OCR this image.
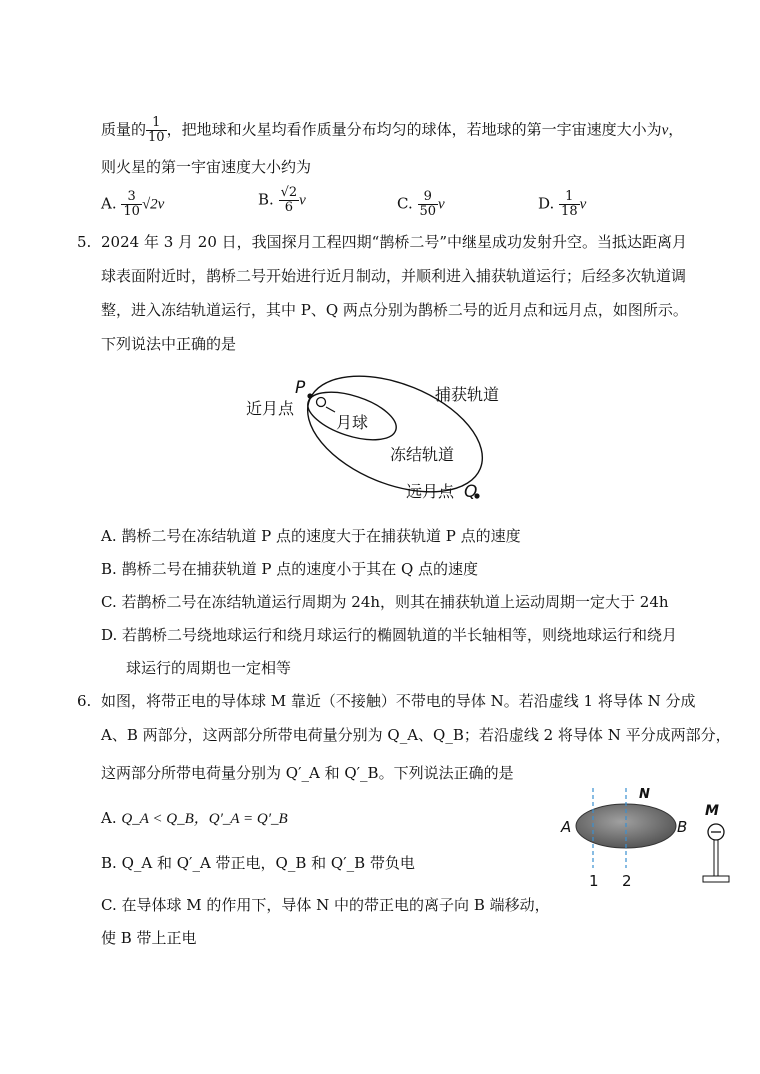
质量的 $\frac{1}{10}$ ，把地球和火星均看作质量分布均匀的球体，若地球的第一宇宙速度大小为v，
则火星的第一宇宙速度大小约为
A. $\frac{3}{10} √2v$	B. $\frac{√2}{6}$ v	C. $\frac{9}{50}$ v	D. $\frac{1}{18}$ v
5. 2024 年 3 月 20 日，我国探月工程四期“鹊桥二号”中继星成功发射升空。当抵达距离月
球表面附近时，鹊桥二号开始进行近月制动，并顺利进入捕获轨道运行；后经多次轨道调
整，进入冻结轨道运行，其中 P、Q 两点分别为鹊桥二号的近月点和远月点，如图所示。
下列说法中正确的是
P
近月点
月球
捕获轨道
冻结轨道
远月点 Q
A. 鹊桥二号在冻结轨道 P 点的速度大于在捕获轨道 P 点的速度
B. 鹊桥二号在捕获轨道 P 点的速度小于其在 Q 点的速度
C. 若鹊桥二号在冻结轨道运行周期为 24h，则其在捕获轨道上运动周期一定大于 24h
D. 若鹊桥二号绕地球运行和绕月球运行的椭圆轨道的半长轴相等，则绕地球运行和绕月
球运行的周期也一定相等
6. 如图，将带正电的导体球 M 靠近（不接触）不带电的导体 N。若沿虚线 1 将导体 N 分成
A、B 两部分，这两部分所带电荷量分别为 Q_A、Q_B；若沿虚线 2 将导体 N 平分成两部分，
这两部分所带电荷量分别为 Q′_A 和 Q′_B。下列说法正确的是
A. Q_A < Q_B，Q′_A = Q′_B
B. Q_A 和 Q′_A 带正电，Q_B 和 Q′_B 带负电
C. 在导体球 M 的作用下，导体 N 中的带正电的离子向 B 端移动，
使 B 带上正电
A	B
N
1 2
M
